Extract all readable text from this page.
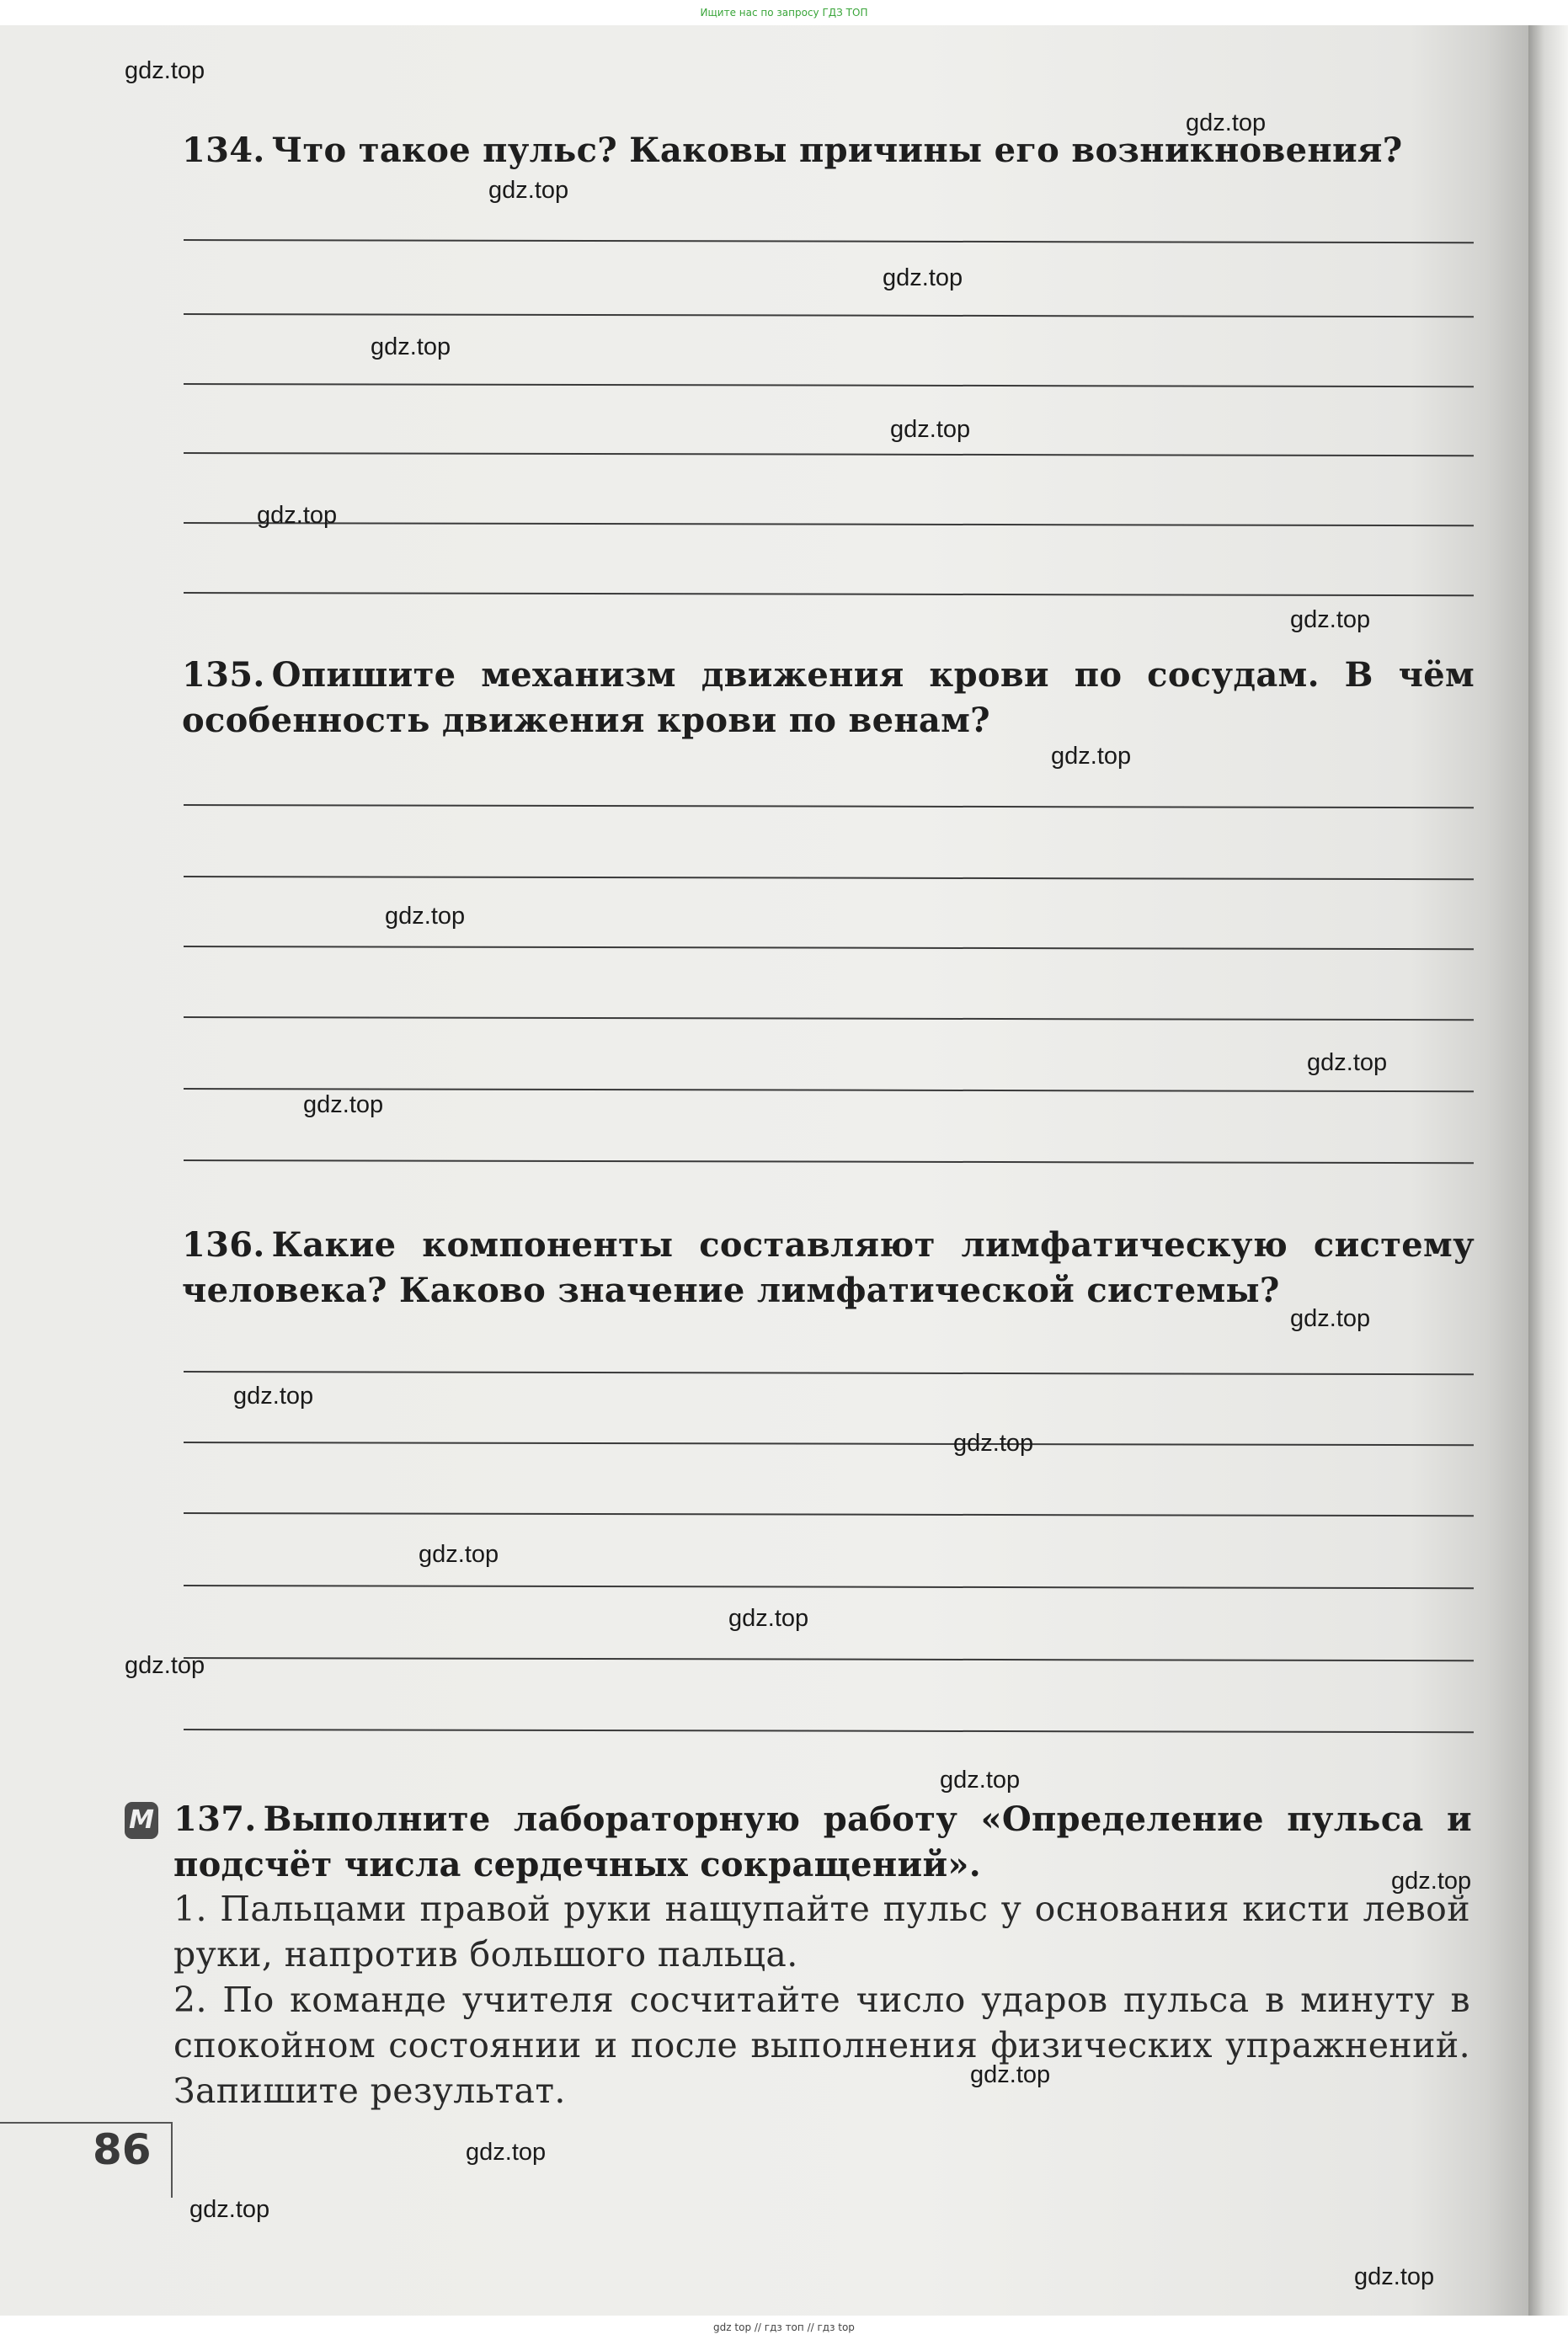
Ищите нас по запросу ГДЗ ТОП
134. Что такое пульс? Каковы причины его возникновения?
135. Опишите механизм движения крови по сосудам. В чём особенность движения крови по венам?
136. Какие компоненты составляют лимфатическую систему человека? Каково значение лимфатической системы?
М 137. Выполните лабораторную работу «Определение пульса и подсчёт числа сердечных сокращений».

1. Пальцами правой руки нащупайте пульс у основания кисти левой руки, напротив большого пальца.

2. По команде учителя сосчитайте число ударов пульса в минуту в спокойном состоянии и после выполнения физических упражнений. Запишите результат.

86
gdz.top
gdz.top
gdz.top
gdz.top
gdz.top
gdz.top
gdz.top
gdz.top
gdz.top
gdz.top
gdz.top
gdz.top
gdz.top
gdz.top
gdz.top
gdz.top
gdz.top
gdz.top
gdz.top
gdz.top
gdz.top
gdz.top
gdz.top
gdz.top
gdz top // гдз топ // гдз top
